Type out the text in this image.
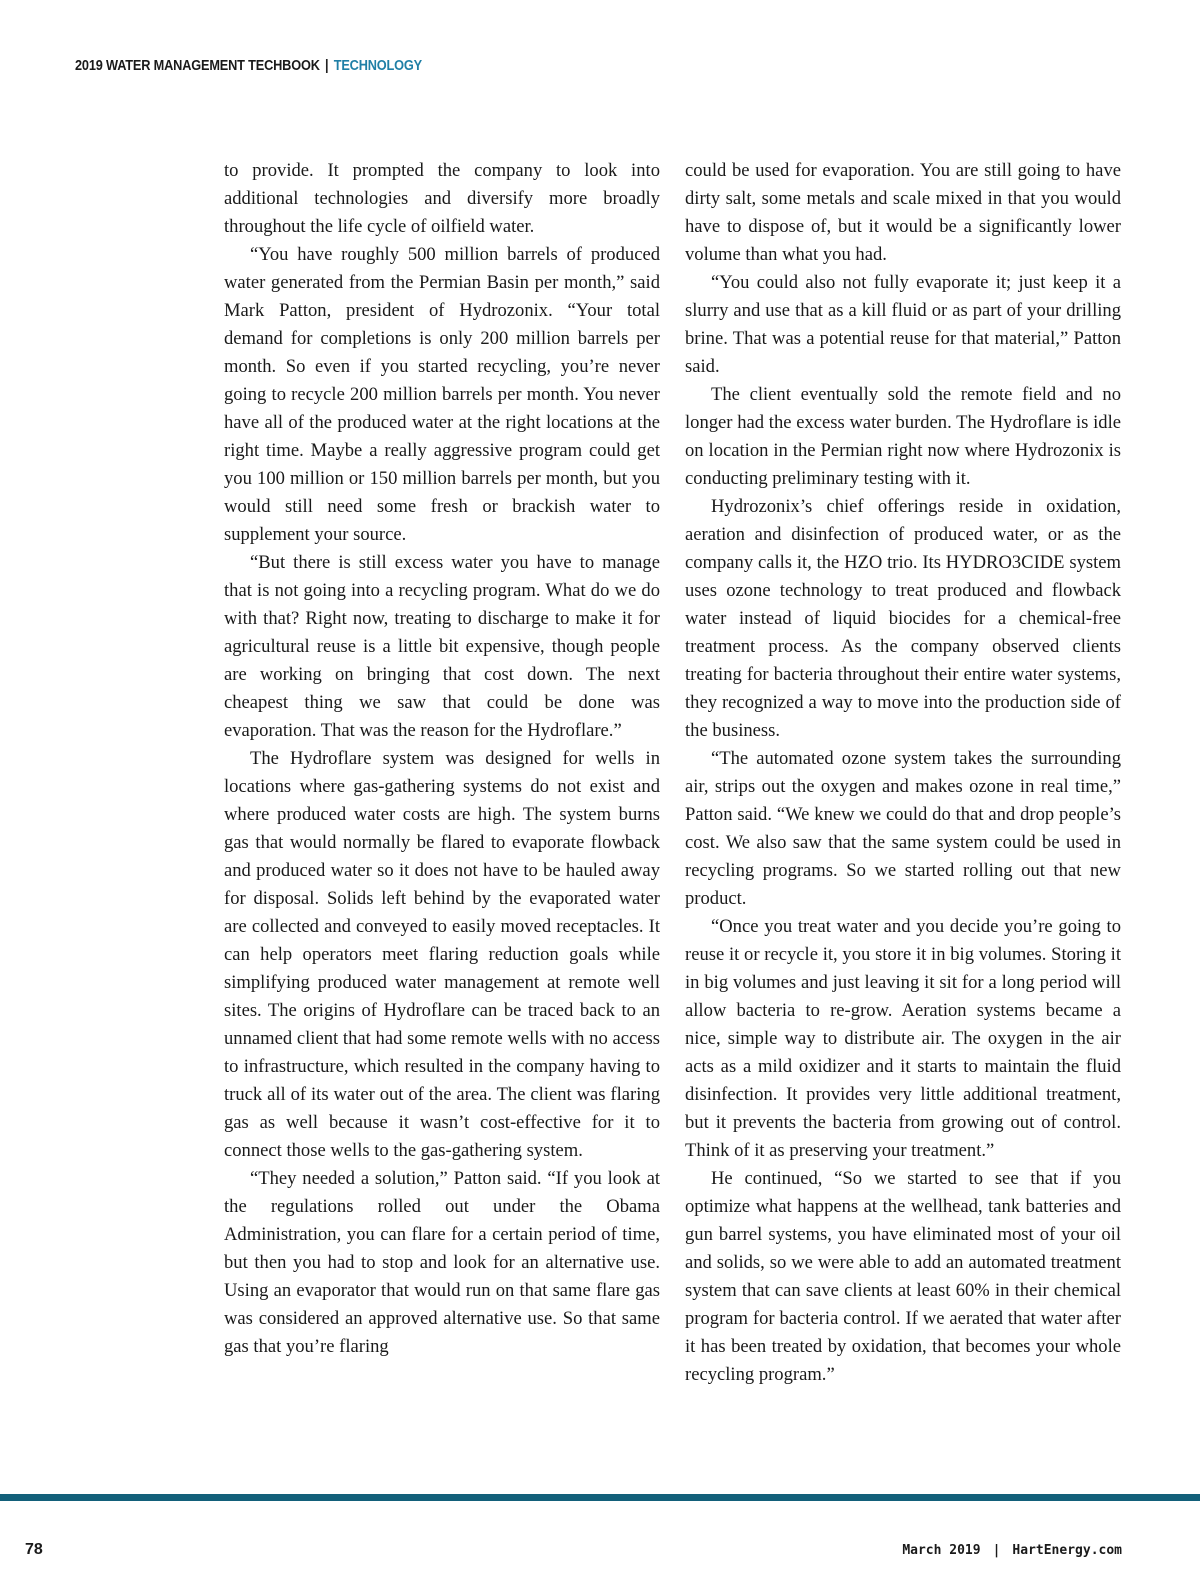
2019 WATER MANAGEMENT TECHBOOK | TECHNOLOGY

to provide. It prompted the company to look into additional technologies and diversify more broadly throughout the life cycle of oilfield water.

“You have roughly 500 million barrels of produced water generated from the Permian Basin per month,” said Mark Patton, president of Hydrozonix. “Your total demand for completions is only 200 million barrels per month. So even if you started recycling, you’re never going to recycle 200 million barrels per month. You never have all of the produced water at the right locations at the right time. Maybe a really aggressive program could get you 100 million or 150 million barrels per month, but you would still need some fresh or brackish water to supplement your source.

“But there is still excess water you have to manage that is not going into a recycling program. What do we do with that? Right now, treating to discharge to make it for agricultural reuse is a little bit expensive, though people are working on bringing that cost down. The next cheapest thing we saw that could be done was evaporation. That was the reason for the Hydroflare.”

The Hydroflare system was designed for wells in locations where gas-gathering systems do not exist and where produced water costs are high. The system burns gas that would normally be flared to evaporate flowback and produced water so it does not have to be hauled away for disposal. Solids left behind by the evaporated water are collected and conveyed to easily moved receptacles. It can help operators meet flaring reduction goals while simplifying produced water management at remote well sites. The origins of Hydroflare can be traced back to an unnamed client that had some remote wells with no access to infrastructure, which resulted in the company having to truck all of its water out of the area. The client was flaring gas as well because it wasn’t cost-effective for it to connect those wells to the gas-gathering system.

“They needed a solution,” Patton said. “If you look at the regulations rolled out under the Obama Administration, you can flare for a certain period of time, but then you had to stop and look for an alternative use. Using an evaporator that would run on that same flare gas was considered an approved alternative use. So that same gas that you’re flaring

could be used for evaporation. You are still going to have dirty salt, some metals and scale mixed in that you would have to dispose of, but it would be a significantly lower volume than what you had.

“You could also not fully evaporate it; just keep it a slurry and use that as a kill fluid or as part of your drilling brine. That was a potential reuse for that material,” Patton said.

The client eventually sold the remote field and no longer had the excess water burden. The Hydroflare is idle on location in the Permian right now where Hydrozonix is conducting preliminary testing with it.

Hydrozonix’s chief offerings reside in oxidation, aeration and disinfection of produced water, or as the company calls it, the HZO trio. Its HYDRO3CIDE system uses ozone technology to treat produced and flowback water instead of liquid biocides for a chemical-free treatment process. As the company observed clients treating for bacteria throughout their entire water systems, they recognized a way to move into the production side of the business.

“The automated ozone system takes the surrounding air, strips out the oxygen and makes ozone in real time,” Patton said. “We knew we could do that and drop people’s cost. We also saw that the same system could be used in recycling programs. So we started rolling out that new product.

“Once you treat water and you decide you’re going to reuse it or recycle it, you store it in big volumes. Storing it in big volumes and just leaving it sit for a long period will allow bacteria to re-grow. Aeration systems became a nice, simple way to distribute air. The oxygen in the air acts as a mild oxidizer and it starts to maintain the fluid disinfection. It provides very little additional treatment, but it prevents the bacteria from growing out of control. Think of it as preserving your treatment.”

He continued, “So we started to see that if you optimize what happens at the wellhead, tank batteries and gun barrel systems, you have eliminated most of your oil and solids, so we were able to add an automated treatment system that can save clients at least 60% in their chemical program for bacteria control. If we aerated that water after it has been treated by oxidation, that becomes your whole recycling program.”

78	March 2019 | HartEnergy.com
